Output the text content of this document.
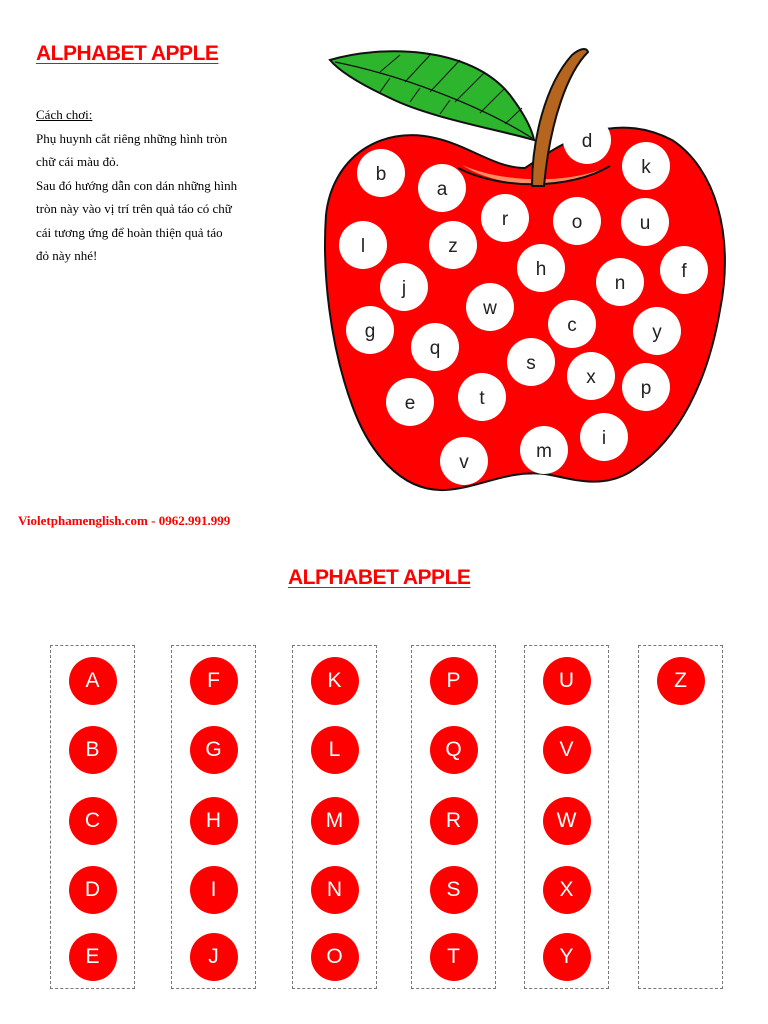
ALPHABET APPLE
Cách chơi:
Phụ huynh cắt riêng những hình tròn
chữ cái màu đỏ.
Sau đó hướng dẫn con dán những hình
tròn này vào vị trí trên quả táo có chữ
cái tương ứng để hoàn thiện quả táo
đỏ này nhé!
b
a
d
k
l	z
r	o	u
j
h
n
f
g
w
c	y
q
s
x
p
e	t
i
m
v
Violetphamenglish.com - 0962.991.999
ALPHABET APPLE
A
B
C
D
E
F
G
H
I
J
K
L
M
N
O
P
Q
R
S
T
U
V
W
X
Y
Z
